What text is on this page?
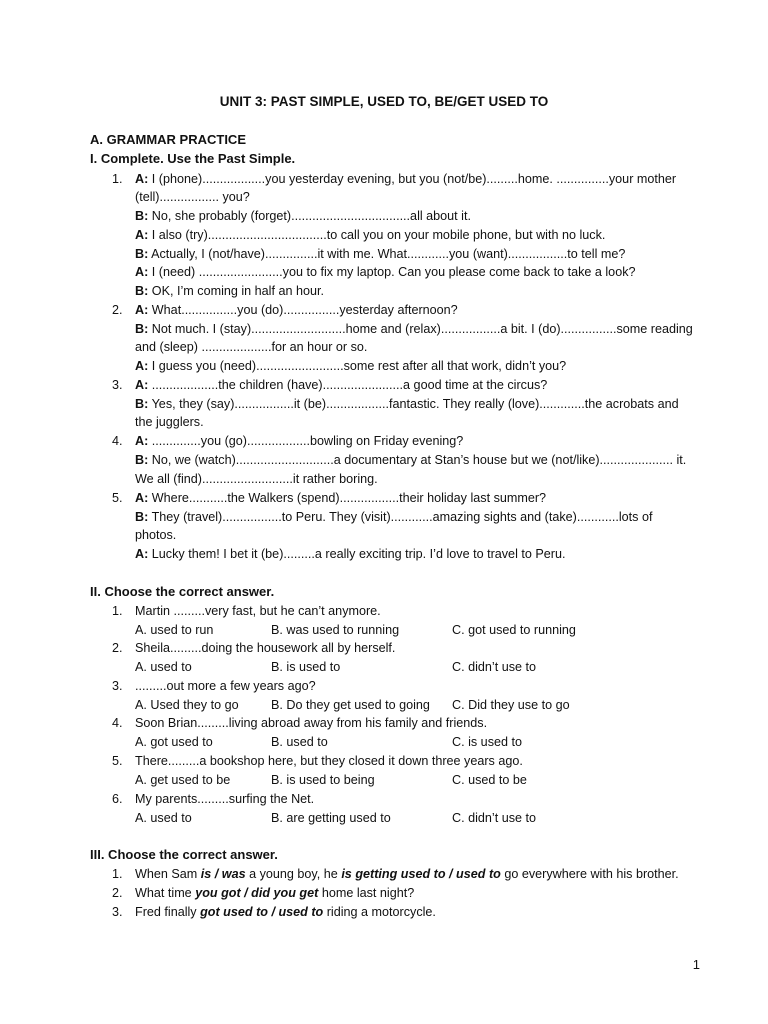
UNIT 3: PAST SIMPLE, USED TO, BE/GET USED TO
A. GRAMMAR PRACTICE
I. Complete. Use the Past Simple.
1.
2.
3.
4.
5.
A: I (phone)..................you yesterday evening, but you (not/be).........home. ...............your mother
(tell)................. you?
B: No, she probably (forget)..................................all about it.
A: I also (try)..................................to call you on your mobile phone, but with no luck.
B: Actually, I (not/have)...............it with me. What............you (want).................to tell me?
A: I (need) ........................you to fix my laptop. Can you please come back to take a look?
B: OK, I’m coming in half an hour.
A: What................you (do)................yesterday afternoon?
B: Not much. I (stay)...........................home and (relax).................a bit. I (do)................some reading
and (sleep) ....................for an hour or so.
A: I guess you (need).........................some rest after all that work, didn’t you?
A: ...................the children (have).......................a good time at the circus?
B: Yes, they (say).................it (be)..................fantastic. They really (love).............the acrobats and
the jugglers.
A: ..............you (go)..................bowling on Friday evening?
B: No, we (watch)............................a documentary at Stan’s house but we (not/like)..................... it.
We all (find)..........................it rather boring.
A: Where...........the Walkers (spend).................their holiday last summer?
B: They (travel).................to Peru. They (visit)............amazing sights and (take)............lots of
photos.
A: Lucky them! I bet it (be).........a really exciting trip. I’d love to travel to Peru.
II. Choose the correct answer.
1. Martin .........very fast, but he can’t anymore.
A. used to run	B. was used to running	C. got used to running
2. Sheila.........doing the housework all by herself.
A. used to	B. is used to	C. didn’t use to
3. .........out more a few years ago?
A. Used they to go	B. Do they get used to going C. Did they use to go
4. Soon Brian.........living abroad away from his family and friends.
A. got used to	B. used to	C. is used to
5. There.........a bookshop here, but they closed it down three years ago.
A. get used to be	B. is used to being	C. used to be
6. My parents.........surfing the Net.
A. used to	B. are getting used to	C. didn’t use to
III. Choose the correct answer.
1. When Sam is / was a young boy, he is getting used to / used to go everywhere with his brother.
2. What time you got / did you get home last night?
3. Fred finally got used to / used to riding a motorcycle.
1
